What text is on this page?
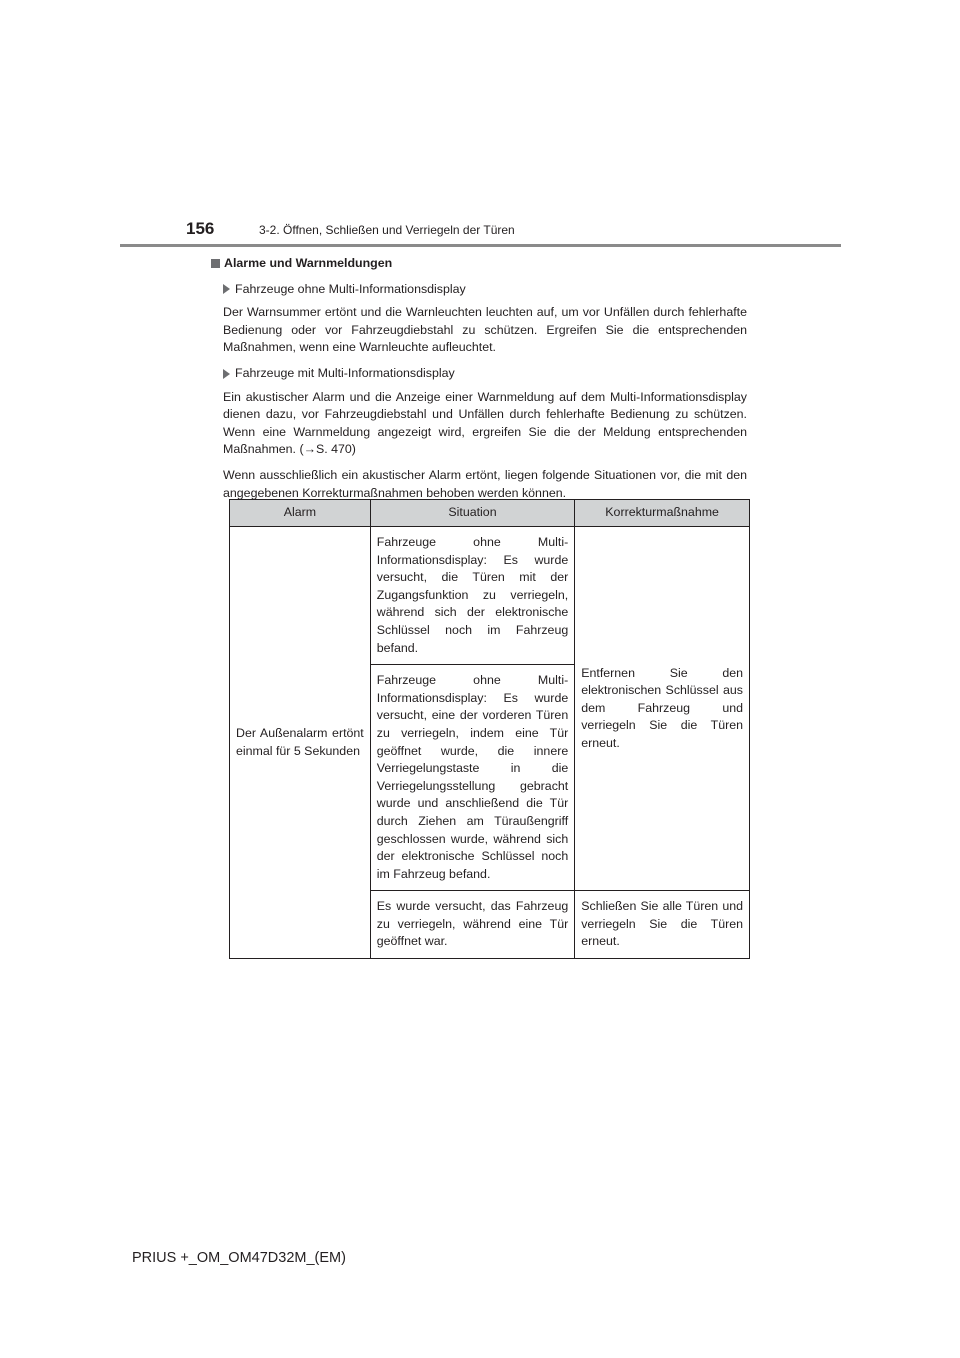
156	3-2. Öffnen, Schließen und Verriegeln der Türen
Alarme und Warnmeldungen
Fahrzeuge ohne Multi-Informationsdisplay

Der Warnsummer ertönt und die Warnleuchten leuchten auf, um vor Unfällen durch fehlerhafte Bedienung oder vor Fahrzeugdiebstahl zu schützen. Ergreifen Sie die entsprechenden Maßnahmen, wenn eine Warnleuchte aufleuchtet.

Fahrzeuge mit Multi-Informationsdisplay

Ein akustischer Alarm und die Anzeige einer Warnmeldung auf dem Multi-Informationsdisplay dienen dazu, vor Fahrzeugdiebstahl und Unfällen durch fehlerhafte Bedienung zu schützen. Wenn eine Warnmeldung angezeigt wird, ergreifen Sie die der Meldung entsprechenden Maßnahmen. (→S. 470)

Wenn ausschließlich ein akustischer Alarm ertönt, liegen folgende Situationen vor, die mit den angegebenen Korrekturmaßnahmen behoben werden können.

Alarm	Situation	Korrekturmaßnahme
Der Außenalarm ertönt einmal für 5 Sekunden	Fahrzeuge ohne Multi-Informationsdisplay: Es wurde versucht, die Türen mit der Zugangsfunktion zu verriegeln, während sich der elektronische Schlüssel noch im Fahrzeug befand.	Entfernen Sie den elektronischen Schlüssel aus dem Fahrzeug und verriegeln Sie die Türen erneut.
	Fahrzeuge ohne Multi-Informationsdisplay: Es wurde versucht, eine der vorderen Türen zu verriegeln, indem eine Tür geöffnet wurde, die innere Verriegelungstaste in die Verriegelungsstellung gebracht wurde und anschließend die Tür durch Ziehen am Türaußengriff geschlossen wurde, während sich der elektronische Schlüssel noch im Fahrzeug befand.	
	Es wurde versucht, das Fahrzeug zu verriegeln, während eine Tür geöffnet war.	Schließen Sie alle Türen und verriegeln Sie die Türen erneut.
PRIUS +_OM_OM47D32M_(EM)
